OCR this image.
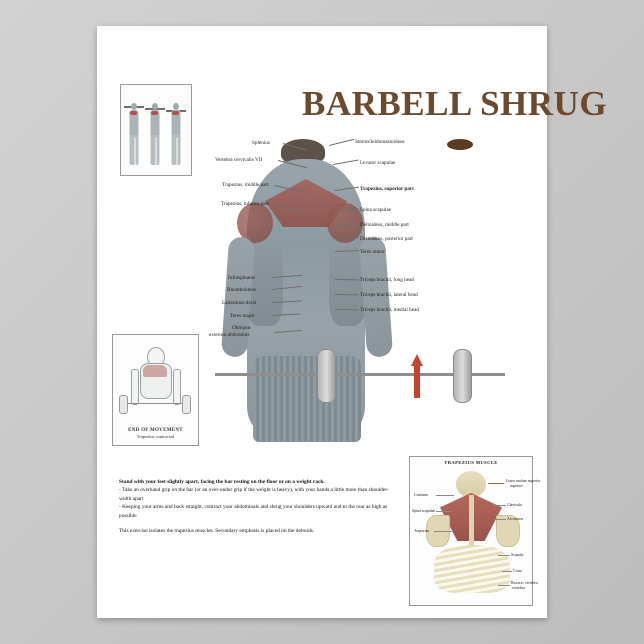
BARBELL SHRUG
END OF MOVEMENT
Trapezius contracted
Splenius
Vertebra cervicalis VII
Trapezius, middle part
Trapezius, inferior part
Infraspinatus
Rhomboideus
Latissimus dorsi
Teres major
Obliquus
externus abdominis
Sternocleidomastoideus
Levator scapulae
Trapezius, superior part
Spina scapulae
Deltoideus, middle part
Deltoideus, posterior part
Teres minor
Triceps brachii, long head
Triceps brachii, lateral head
Triceps brachii, medial head

Stand with your feet slightly apart, facing the bar resting on the floor or on a weight rack.
- Take an overhand grip on the bar (or an over-under grip if the weight is heavy), with your hands a little more than shoulder-width apart
- Keeping your arms and back straight, contract your abdominals and shrug your shoulders upward and to the rear as high as possible

This exercise isolates the trapezius muscles. Secondary emphasis is placed on the deltoids.

TRAPEZIUS MUSCLE
Cranium
Spina scapulae
Trapezius
Linea nuchae superior
superior
Clavicula
Acromion
Scapula
Costa
Thoracic vertebra
vertebra
